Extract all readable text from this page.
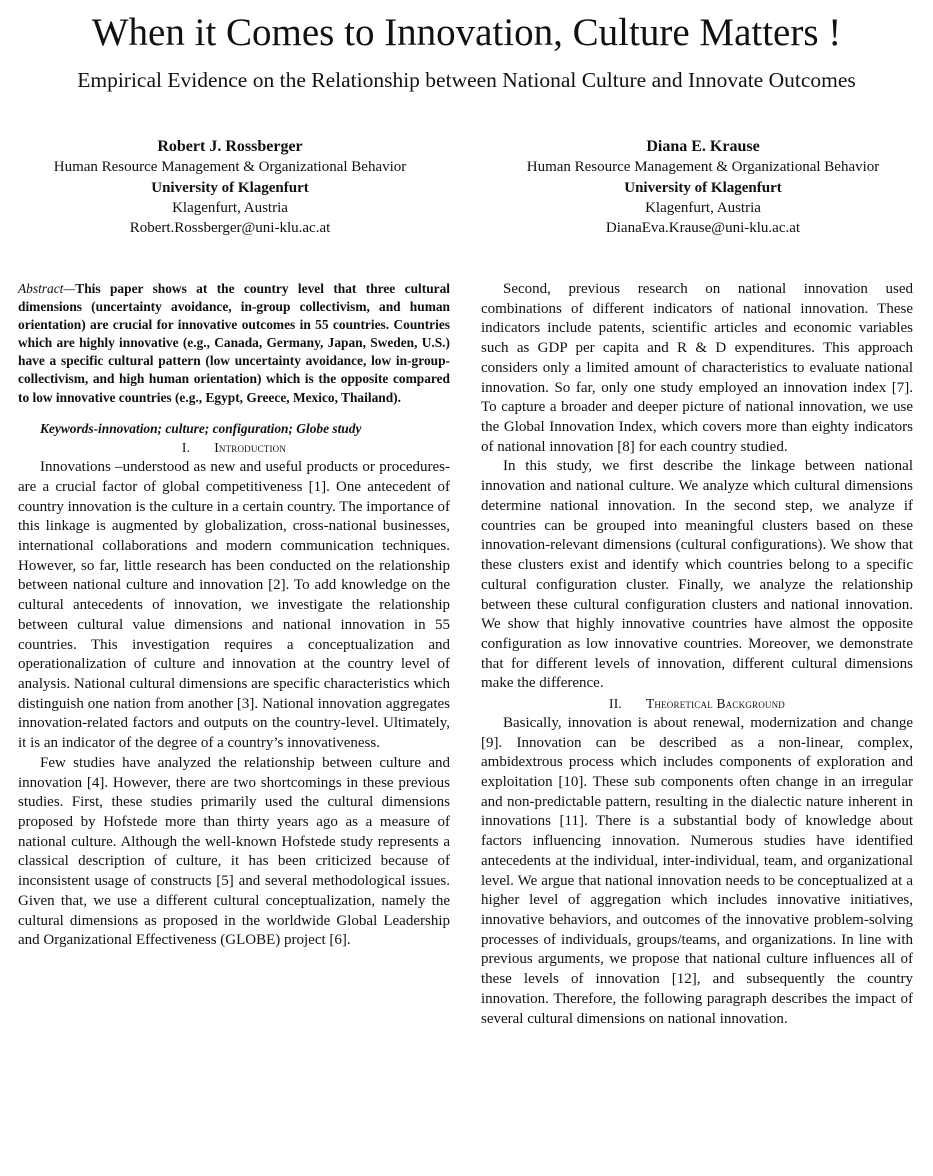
When it Comes to Innovation, Culture Matters !
Empirical Evidence on the Relationship between National Culture and Innovate Outcomes
Robert J. Rossberger
Human Resource Management & Organizational Behavior
University of Klagenfurt
Klagenfurt, Austria
Robert.Rossberger@uni-klu.ac.at
Diana E. Krause
Human Resource Management & Organizational Behavior
University of Klagenfurt
Klagenfurt, Austria
DianaEva.Krause@uni-klu.ac.at

Abstract—This paper shows at the country level that three cultural dimensions (uncertainty avoidance, in-group collectivism, and human orientation) are crucial for innovative outcomes in 55 countries. Countries which are highly innovative (e.g., Canada, Germany, Japan, Sweden, U.S.) have a specific cultural pattern (low uncertainty avoidance, low in-group-collectivism, and high human orientation) which is the opposite compared to low innovative countries (e.g., Egypt, Greece, Mexico, Thailand).

Keywords-innovation; culture; configuration; Globe study

I. Introduction

Innovations –understood as new and useful products or procedures- are a crucial factor of global competitiveness [1]. One antecedent of country innovation is the culture in a certain country. The importance of this linkage is augmented by globalization, cross-national businesses, international collaborations and modern communication techniques. However, so far, little research has been conducted on the relationship between national culture and innovation [2]. To add knowledge on the cultural antecedents of innovation, we investigate the relationship between cultural value dimensions and national innovation in 55 countries. This investigation requires a conceptualization and operationalization of culture and innovation at the country level of analysis. National cultural dimensions are specific characteristics which distinguish one nation from another [3]. National innovation aggregates innovation-related factors and outputs on the country-level. Ultimately, it is an indicator of the degree of a country’s innovativeness.

Few studies have analyzed the relationship between culture and innovation [4]. However, there are two shortcomings in these previous studies. First, these studies primarily used the cultural dimensions proposed by Hofstede more than thirty years ago as a measure of national culture. Although the well-known Hofstede study represents a classical description of culture, it has been criticized because of inconsistent usage of constructs [5] and several methodological issues. Given that, we use a different cultural conceptualization, namely the cultural dimensions as proposed in the worldwide Global Leadership and Organizational Effectiveness (GLOBE) project [6].

Second, previous research on national innovation used combinations of different indicators of national innovation. These indicators include patents, scientific articles and economic variables such as GDP per capita and R & D expenditures. This approach considers only a limited amount of characteristics to evaluate national innovation. So far, only one study employed an innovation index [7]. To capture a broader and deeper picture of national innovation, we use the Global Innovation Index, which covers more than eighty indicators of national innovation [8] for each country studied.

In this study, we first describe the linkage between national innovation and national culture. We analyze which cultural dimensions determine national innovation. In the second step, we analyze if countries can be grouped into meaningful clusters based on these innovation-relevant dimensions (cultural configurations). We show that these clusters exist and identify which countries belong to a specific cultural configuration cluster. Finally, we analyze the relationship between these cultural configuration clusters and national innovation. We show that highly innovative countries have almost the opposite configuration as low innovative countries. Moreover, we demonstrate that for different levels of innovation, different cultural dimensions make the difference.

II. Theoretical Background

Basically, innovation is about renewal, modernization and change [9]. Innovation can be described as a non-linear, complex, ambidextrous process which includes components of exploration and exploitation [10]. These sub components often change in an irregular and non-predictable pattern, resulting in the dialectic nature inherent in innovations [11]. There is a substantial body of knowledge about factors influencing innovation. Numerous studies have identified antecedents at the individual, inter-individual, team, and organizational level. We argue that national innovation needs to be conceptualized at a higher level of aggregation which includes innovative initiatives, innovative behaviors, and outcomes of the innovative problem-solving processes of individuals, groups/teams, and organizations. In line with previous arguments, we propose that national culture influences all of these levels of innovation [12], and subsequently the country innovation. Therefore, the following paragraph describes the impact of several cultural dimensions on national innovation.
